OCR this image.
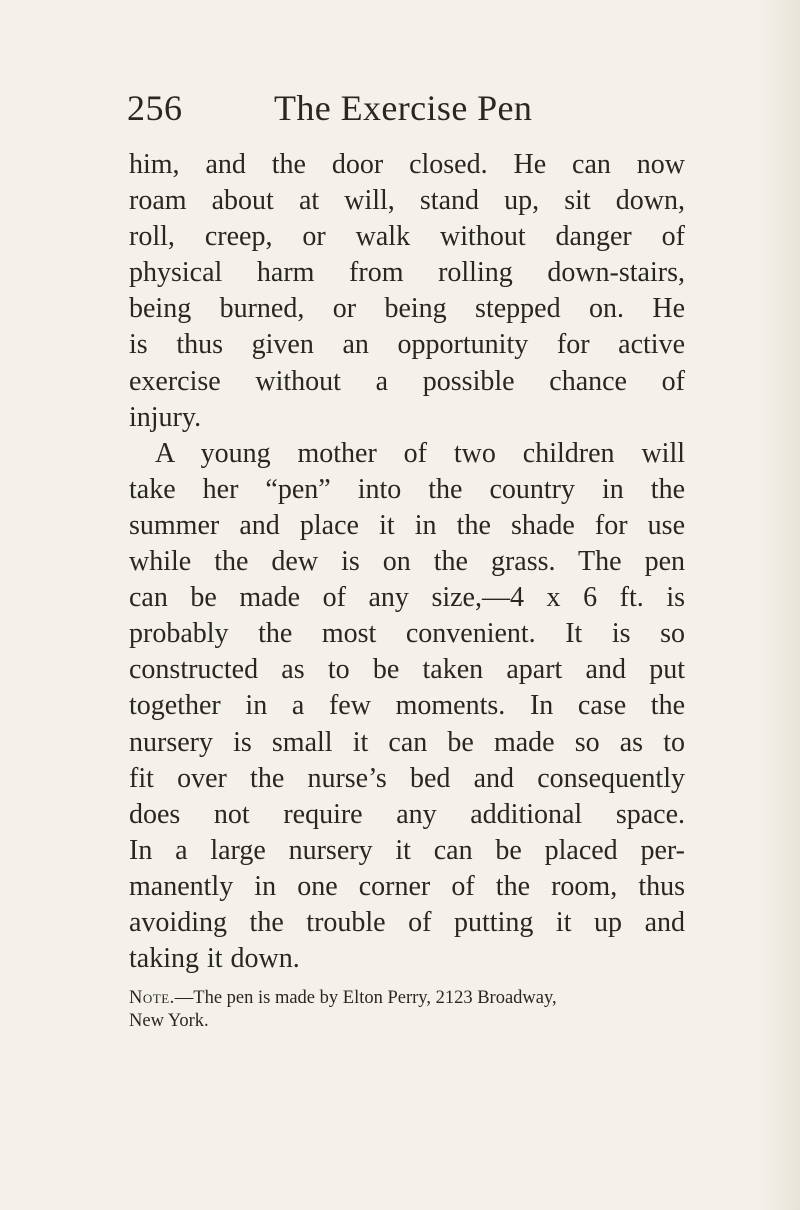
256	The Exercise Pen
him, and the door closed. He can now
roam about at will, stand up, sit down,
roll, creep, or walk without danger of
physical harm from rolling down-stairs,
being burned, or being stepped on. He
is thus given an opportunity for active
exercise without a possible chance of
injury.
A young mother of two children will
take her “pen” into the country in the
summer and place it in the shade for use
while the dew is on the grass. The pen
can be made of any size,—4 x 6 ft. is
probably the most convenient. It is so
constructed as to be taken apart and put
together in a few moments. In case the
nursery is small it can be made so as to
fit over the nurse’s bed and consequently
does not require any additional space.
In a large nursery it can be placed per-
manently in one corner of the room, thus
avoiding the trouble of putting it up and
taking it down.
Note.—The pen is made by Elton Perry, 2123 Broadway,
New York.
